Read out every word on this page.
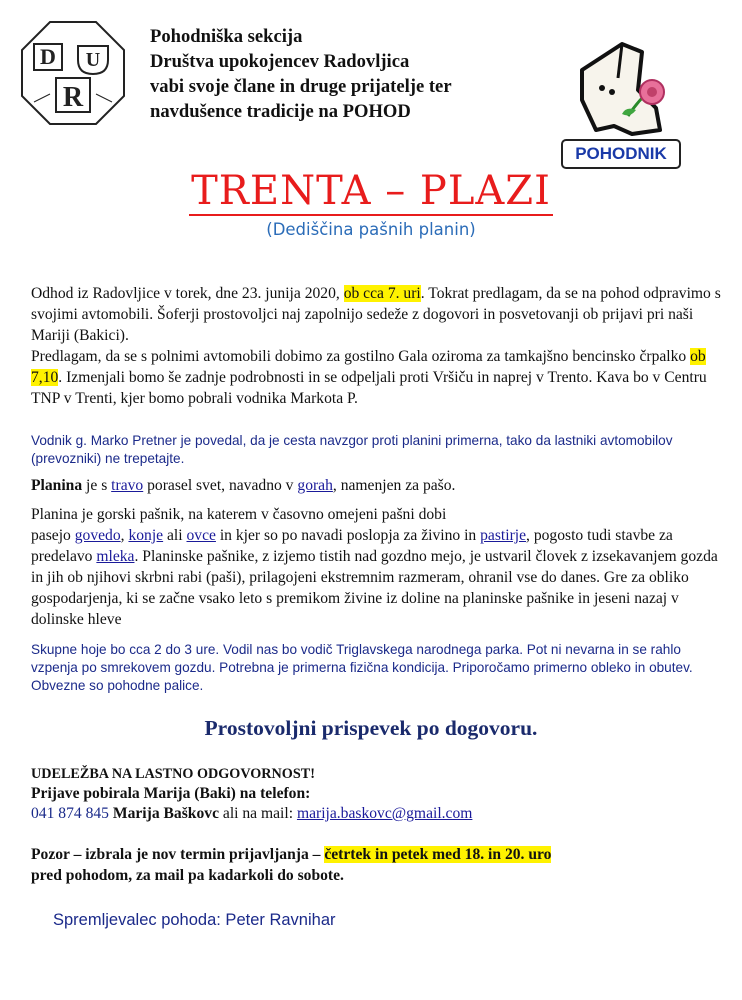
D U
R
Pohodniška sekcija
Društva upokojencev Radovljica
vabi svoje člane in druge prijatelje ter
navdušence tradicije na POHOD
POHODNIK
TRENTA – PLAZI
(Dediščina pašnih planin)
Odhod iz Radovljice v torek, dne 23. junija 2020, ob cca 7. uri. Tokrat predlagam, da se na pohod odpravimo s svojimi avtomobili. Šoferji prostovoljci naj zapolnijo sedeže z dogovori in posvetovanji ob prijavi pri naši Mariji (Bakici).
Predlagam, da se s polnimi avtomobili dobimo za gostilno Gala oziroma za tamkajšno bencinsko črpalko ob 7,10. Izmenjali bomo še zadnje podrobnosti in se odpeljali proti Vršiču in naprej v Trento. Kava bo v Centru TNP v Trenti, kjer bomo pobrali vodnika Markota P.
Vodnik g. Marko Pretner je povedal, da je cesta navzgor proti planini primerna, tako da lastniki avtomobilov (prevozniki) ne trepetajte.
Planina je s travo porasel svet, navadno v gorah, namenjen za pašo.
Planina je gorski pašnik, na katerem v časovno omejeni pašni dobi
pasejo govedo, konje ali ovce in kjer so po navadi poslopja za živino in pastirje, pogosto tudi stavbe za predelavo mleka. Planinske pašnike, z izjemo tistih nad gozdno mejo, je ustvaril človek z izsekavanjem gozda in jih ob njihovi skrbni rabi (paši), prilagojeni ekstremnim razmeram, ohranil vse do danes. Gre za obliko gospodarjenja, ki se začne vsako leto s premikom živine iz doline na planinske pašnike in jeseni nazaj v dolinske hleve
Skupne hoje bo cca 2 do 3 ure. Vodil nas bo vodič Triglavskega narodnega parka. Pot ni nevarna in se rahlo vzpenja po smrekovem gozdu. Potrebna je primerna fizična kondicija. Priporočamo primerno obleko in obutev. Obvezne so pohodne palice.
Prostovoljni prispevek po dogovoru.
UDELEŽBA NA LASTNO ODGOVORNOST!
Prijave pobirala Marija (Baki) na telefon:
041 874 845 Marija Baškovc ali na mail: marija.baskovc@gmail.com
Pozor – izbrala je nov termin prijavljanja – četrtek in petek med 18. in 20. uro
pred pohodom, za mail pa kadarkoli do sobote.
Spremljevalec pohoda: Peter Ravnihar
